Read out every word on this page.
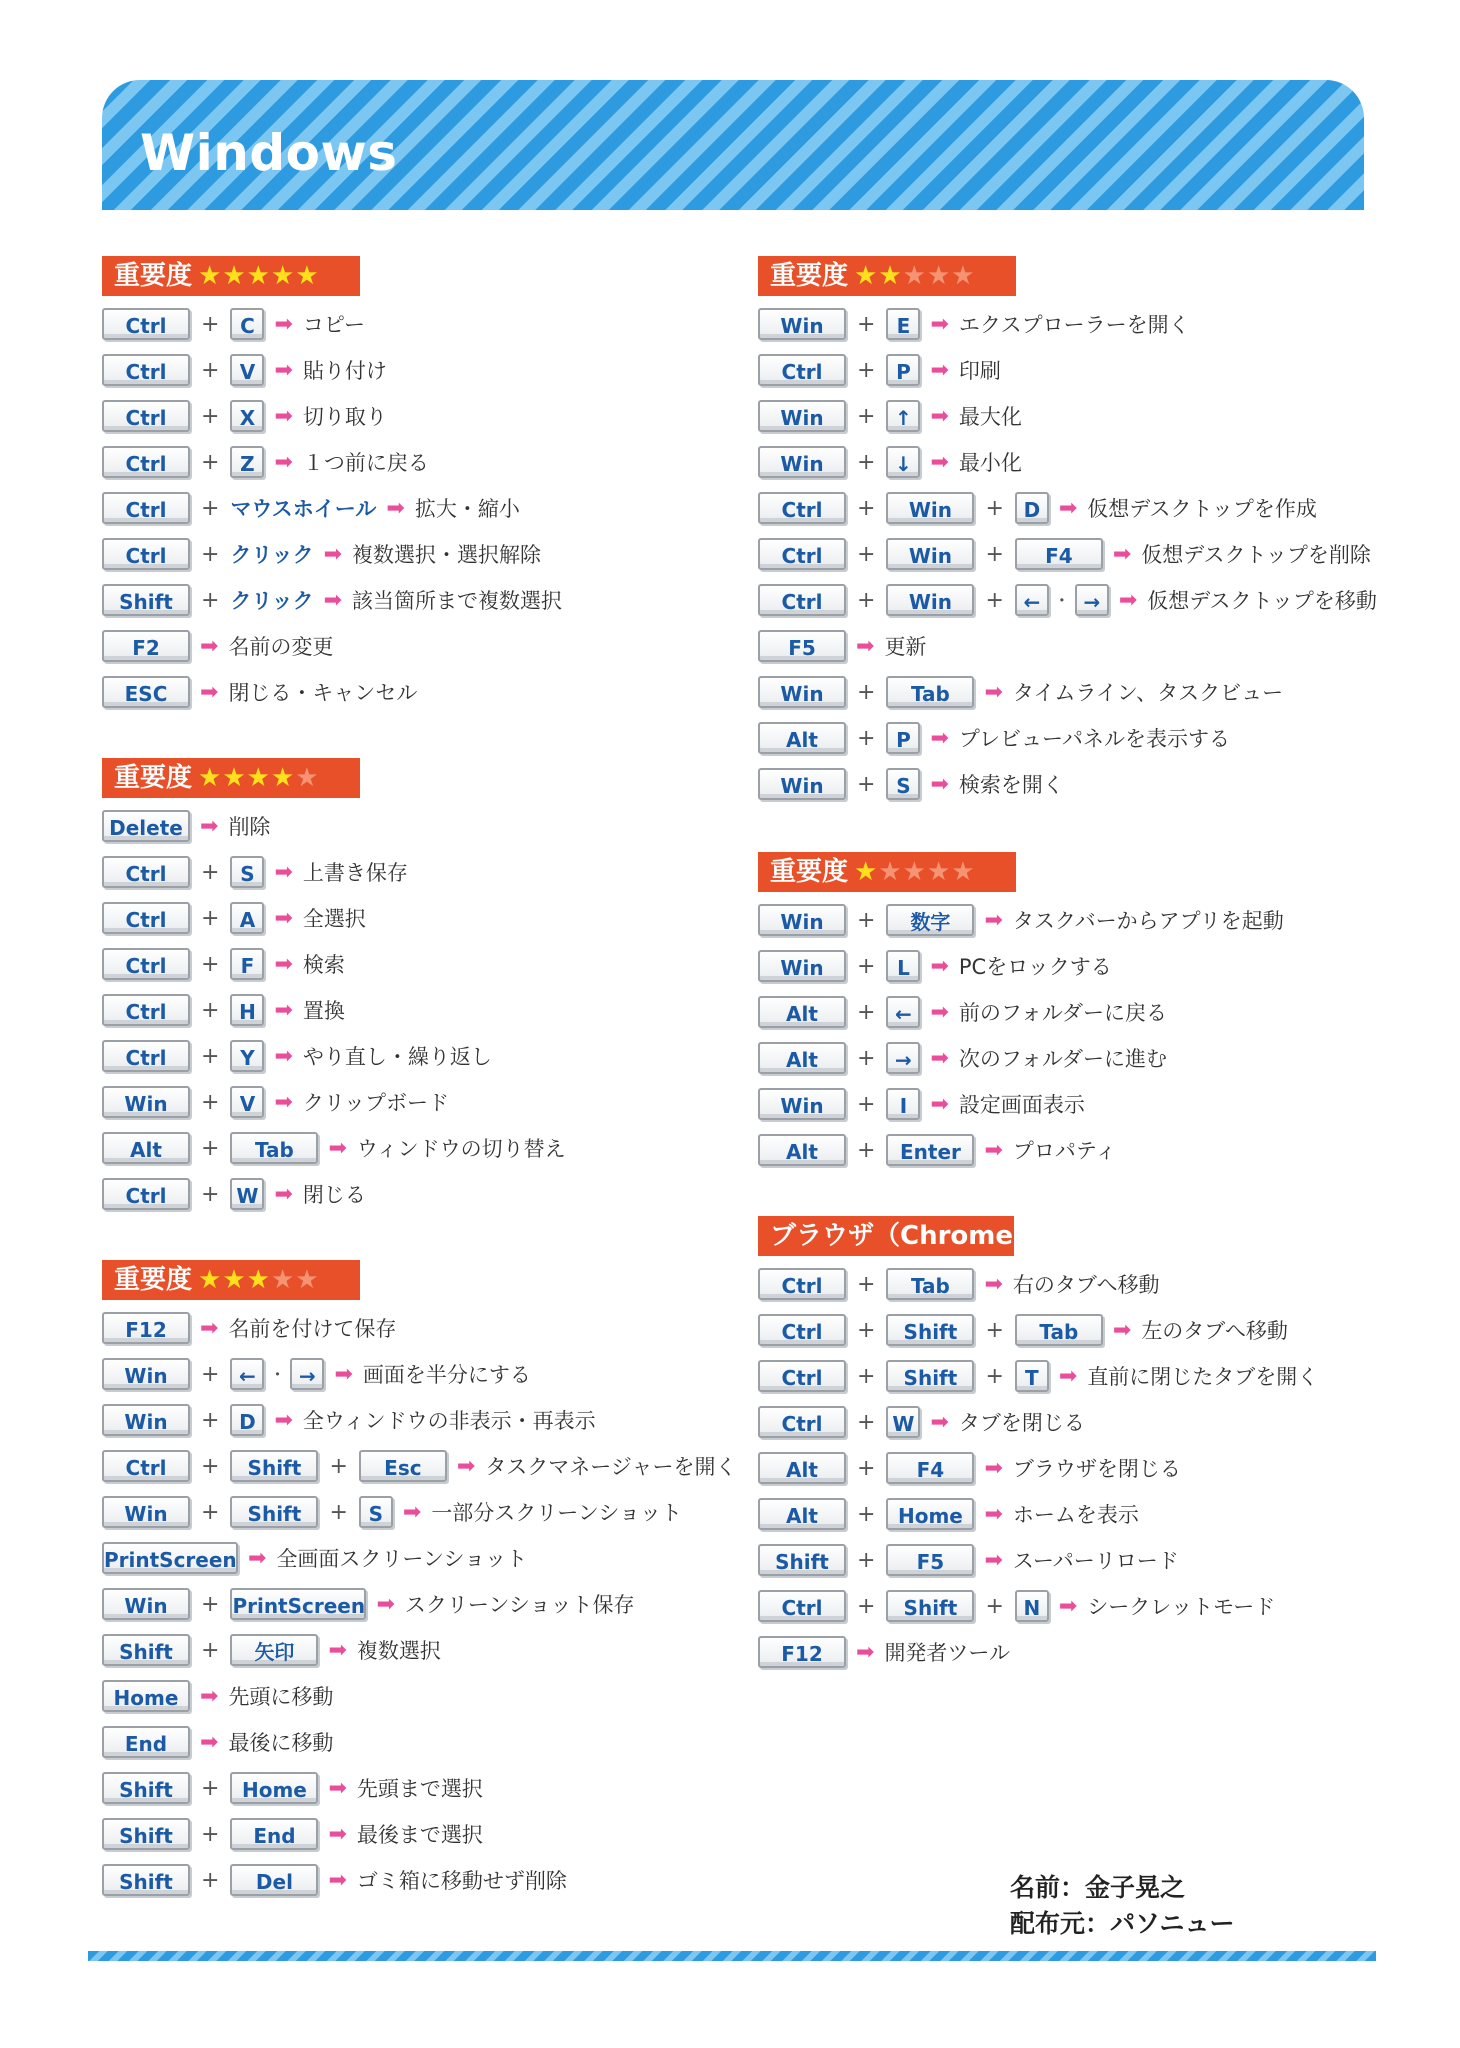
Windows
重要度 ★★★★★
Ctrl	+	C ➡ コピー
Ctrl	+	V ➡ 貼り付け
Ctrl	+	X ➡ 切り取り
Ctrl	+	Z ➡ １つ前に戻る
Ctrl	+ マウスホイール ➡ 拡大・縮小
Ctrl	+ クリック ➡ 複数選択・選択解除
Shift	+ クリック ➡ 該当箇所まで複数選択
F2	➡ 名前の変更
ESC	➡ 閉じる・キャンセル
重要度 ★★★★★
Delete ➡ 削除
Ctrl	+	S ➡ 上書き保存
Ctrl	+	A ➡ 全選択
Ctrl	+	F ➡ 検索
Ctrl	+ H ➡ 置換
Ctrl	+	Y ➡ やり直し・繰り返し
Win	+	V ➡ クリップボード
Alt	+	Tab	➡ ウィンドウの切り替え
Ctrl	+ W ➡ 閉じる
重要度 ★★★★★
F12	➡ 名前を付けて保存
Win	+ ← ・ → ➡ 画面を半分にする
Win	+ D ➡ 全ウィンドウの非表示・再表示
Ctrl	+	Shift	+	Esc	➡ タスクマネージャーを開く
Win	+	Shift	+	S ➡ 一部分スクリーンショット
PrintScreen ➡ 全画面スクリーンショット
Win	+ PrintScreen ➡ スクリーンショット保存
Shift	+	矢印	➡ 複数選択
Home ➡ 先頭に移動
End	➡ 最後に移動
Shift	+	Home ➡ 先頭まで選択
Shift	+	End	➡ 最後まで選択
Shift	+	Del	➡ ゴミ箱に移動せず削除
重要度 ★★★★★
Win	+	E ➡ エクスプローラーを開く
Ctrl	+	P ➡ 印刷
Win	+ ↑ ➡ 最大化
Win	+ ↓ ➡ 最小化
Ctrl	+	Win	+ D ➡ 仮想デスクトップを作成
Ctrl	+	Win	+	F4	➡ 仮想デスクトップを削除
Ctrl	+	Win	+ ← ・ → ➡ 仮想デスクトップを移動
F5	➡ 更新
Win	+	Tab	➡ タイムライン、タスクビュー
Alt	+	P ➡ プレビューパネルを表示する
Win	+	S ➡ 検索を開く
重要度 ★★★★★
Win	+	数字	➡ タスクバーからアプリを起動
Win	+	L ➡ PCをロックする
Alt	+ ← ➡ 前のフォルダーに戻る
Alt	+ → ➡ 次のフォルダーに進む
Win	+	I	➡ 設定画面表示
Alt	+	Enter	➡ プロパティ
ブラウザ（Chrome）
Ctrl	+	Tab	➡ 右のタブへ移動
Ctrl	+	Shift	+	Tab	➡ 左のタブへ移動
Ctrl	+	Shift	+	T ➡ 直前に閉じたタブを開く
Ctrl	+ W ➡ タブを閉じる
Alt	+	F4	➡ ブラウザを閉じる
Alt	+	Home ➡ ホームを表示
Shift	+	F5	➡ スーパーリロード
Ctrl	+	Shift	+ N ➡ シークレットモード
F12	➡ 開発者ツール
名前：金子晃之
配布元：パソニュー
